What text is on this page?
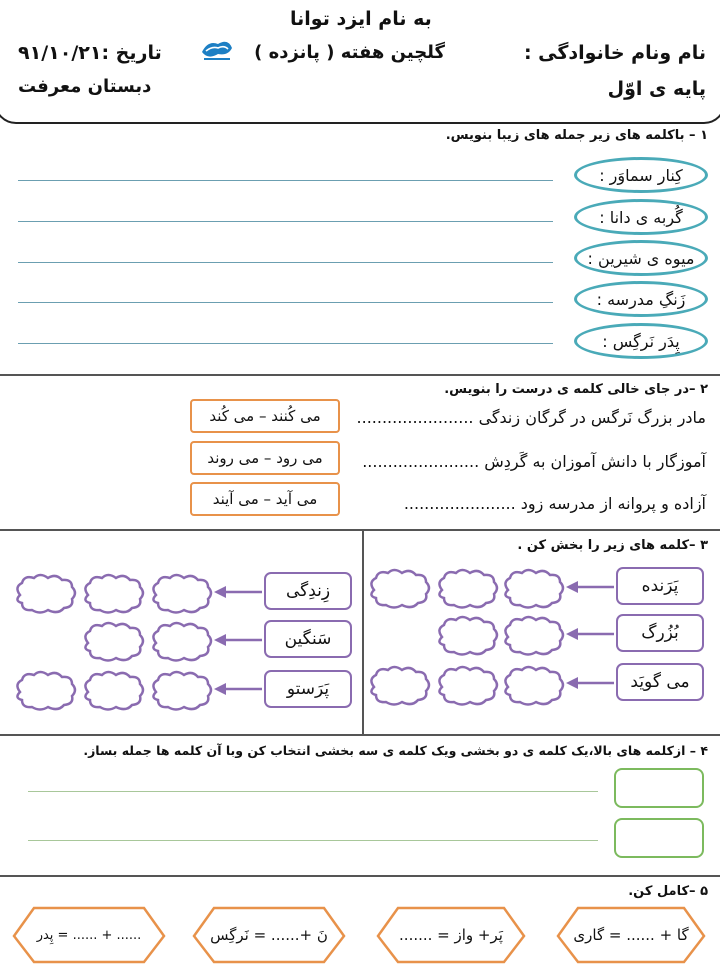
به نام ایزد توانا
نام ونام خانوادگی :
پایه ی اوّل
گلچین هفته ( پانزده )
تاریخ :۹۱/۱۰/۲۱
دبستان معرفت
۱ – باکلمه های زیر جمله های زیبا بنویس.
کِنار سماوَر :
گُربه ی دانا :
میوه ی شیرین :
زَنگِ مدرسه :
پِدَر نَرگِس :
۲ –در جای خالی کلمه ی درست را بنویس.
مادر بزرگ نَرگس در گرگان زندگی .......................
آموزگار با دانش آموزان به گَردِش .......................
آزاده و پروانه از مدرسه زود ......................
می کُنند – می کُند
می رود – می روند
می آید – می آیند
۳ –کلمه های زیر را بخش کن .
پَرَنده
بُزُرگ
می گویَد
زِندِگی
سَنگین
پَرَستو
۴ – ازکلمه های بالا،یک کلمه ی دو بخشی ویک کلمه ی سه بخشی انتخاب کن وبا آن کلمه ها جمله بساز.
۵ –کامل کن.
گا + ...... = گاری
پَر+ واز = .......
نَ +...... = نَرگِس
...... + ...... = پِدر
